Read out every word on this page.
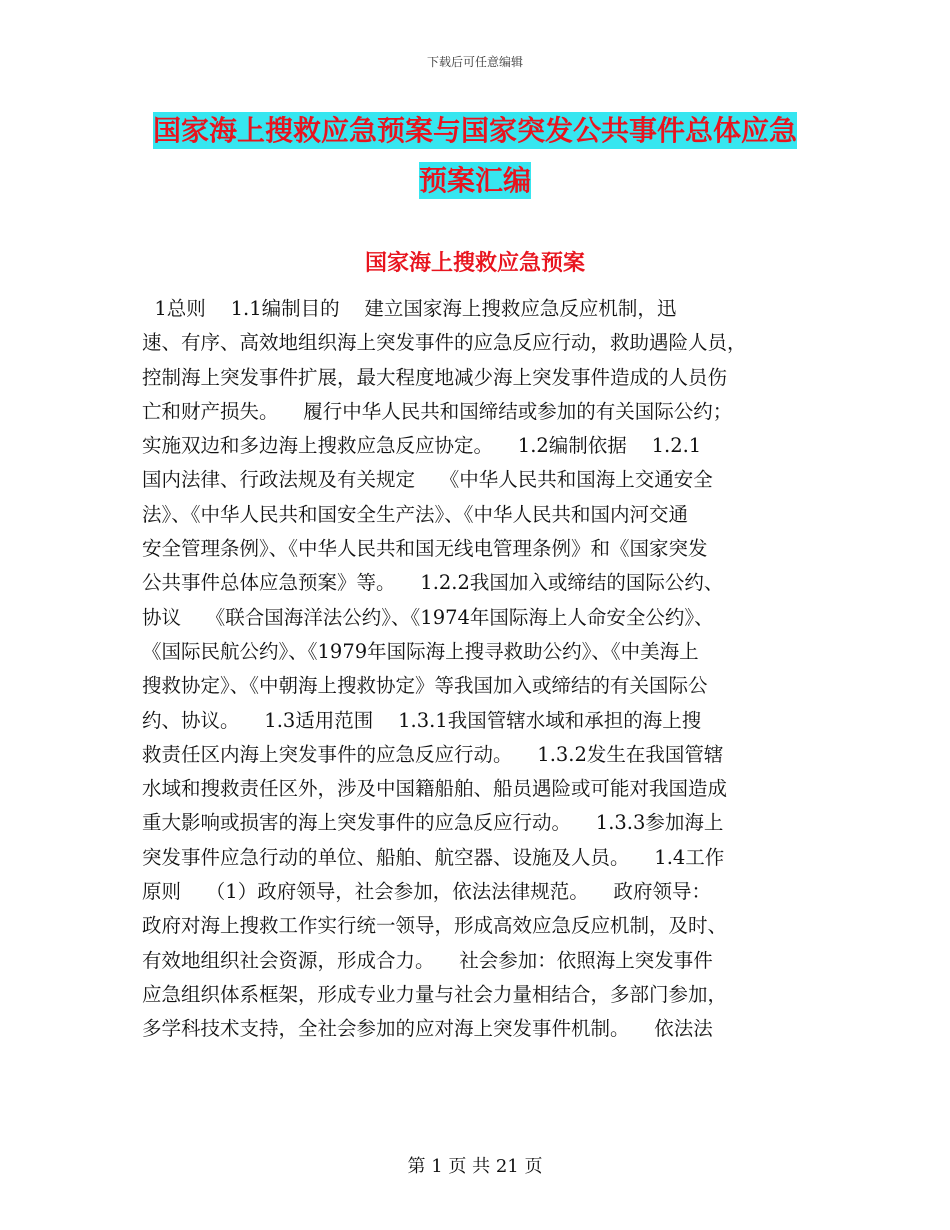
下载后可任意编辑
国家海上搜救应急预案与国家突发公共事件总体应急
预案汇编
国家海上搜救应急预案
1总则    1.1编制目的    建立国家海上搜救应急反应机制，迅
速、有序、高效地组织海上突发事件的应急反应行动，救助遇险人员，
控制海上突发事件扩展，最大程度地减少海上突发事件造成的人员伤
亡和财产损失。    履行中华人民共和国缔结或参加的有关国际公约；
实施双边和多边海上搜救应急反应协定。    1.2编制依据    1.2.1
国内法律、行政法规及有关规定    《中华人民共和国海上交通安全
法》、《中华人民共和国安全生产法》、《中华人民共和国内河交通
安全管理条例》、《中华人民共和国无线电管理条例》和《国家突发
公共事件总体应急预案》等。    1.2.2我国加入或缔结的国际公约、
协议    《联合国海洋法公约》、《1974年国际海上人命安全公约》、
《国际民航公约》、《1979年国际海上搜寻救助公约》、《中美海上
搜救协定》、《中朝海上搜救协定》等我国加入或缔结的有关国际公
约、协议。    1.3适用范围    1.3.1我国管辖水域和承担的海上搜
救责任区内海上突发事件的应急反应行动。    1.3.2发生在我国管辖
水域和搜救责任区外，涉及中国籍船舶、船员遇险或可能对我国造成
重大影响或损害的海上突发事件的应急反应行动。    1.3.3参加海上
突发事件应急行动的单位、船舶、航空器、设施及人员。    1.4工作
原则    （1）政府领导，社会参加，依法法律规范。    政府领导：
政府对海上搜救工作实行统一领导，形成高效应急反应机制，及时、
有效地组织社会资源，形成合力。    社会参加：依照海上突发事件
应急组织体系框架，形成专业力量与社会力量相结合，多部门参加，
多学科技术支持，全社会参加的应对海上突发事件机制。    依法法
第 1 页 共 21 页
